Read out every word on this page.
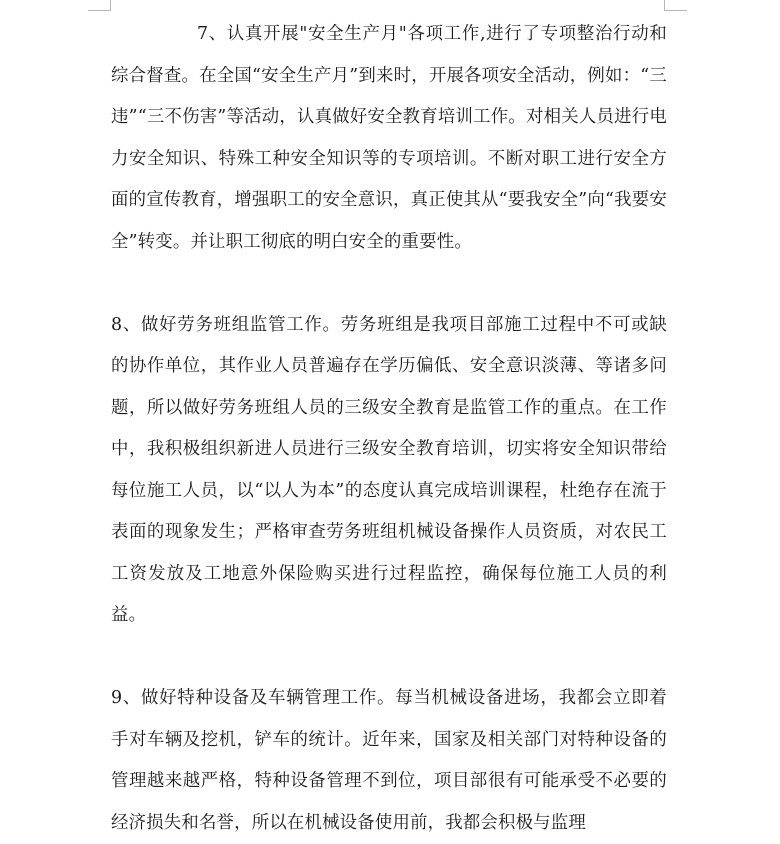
7、认真开展"安全生产月"各项工作,进行了专项整治行动和综合督查。在全国“安全生产月”到来时，开展各项安全活动，例如：“三违”“三不伤害”等活动，认真做好安全教育培训工作。对相关人员进行电力安全知识、特殊工种安全知识等的专项培训。不断对职工进行安全方面的宣传教育，增强职工的安全意识，真正使其从“要我安全”向“我要安全”转变。并让职工彻底的明白安全的重要性。

8、做好劳务班组监管工作。劳务班组是我项目部施工过程中不可或缺的协作单位，其作业人员普遍存在学历偏低、安全意识淡薄、等诸多问题，所以做好劳务班组人员的三级安全教育是监管工作的重点。在工作中，我积极组织新进人员进行三级安全教育培训，切实将安全知识带给每位施工人员，以“以人为本”的态度认真完成培训课程，杜绝存在流于表面的现象发生；严格审查劳务班组机械设备操作人员资质，对农民工工资发放及工地意外保险购买进行过程监控，确保每位施工人员的利益。

9、做好特种设备及车辆管理工作。每当机械设备进场，我都会立即着手对车辆及挖机，铲车的统计。近年来，国家及相关部门对特种设备的管理越来越严格，特种设备管理不到位，项目部很有可能承受不必要的经济损失和名誉，所以在机械设备使用前，我都会积极与监理
